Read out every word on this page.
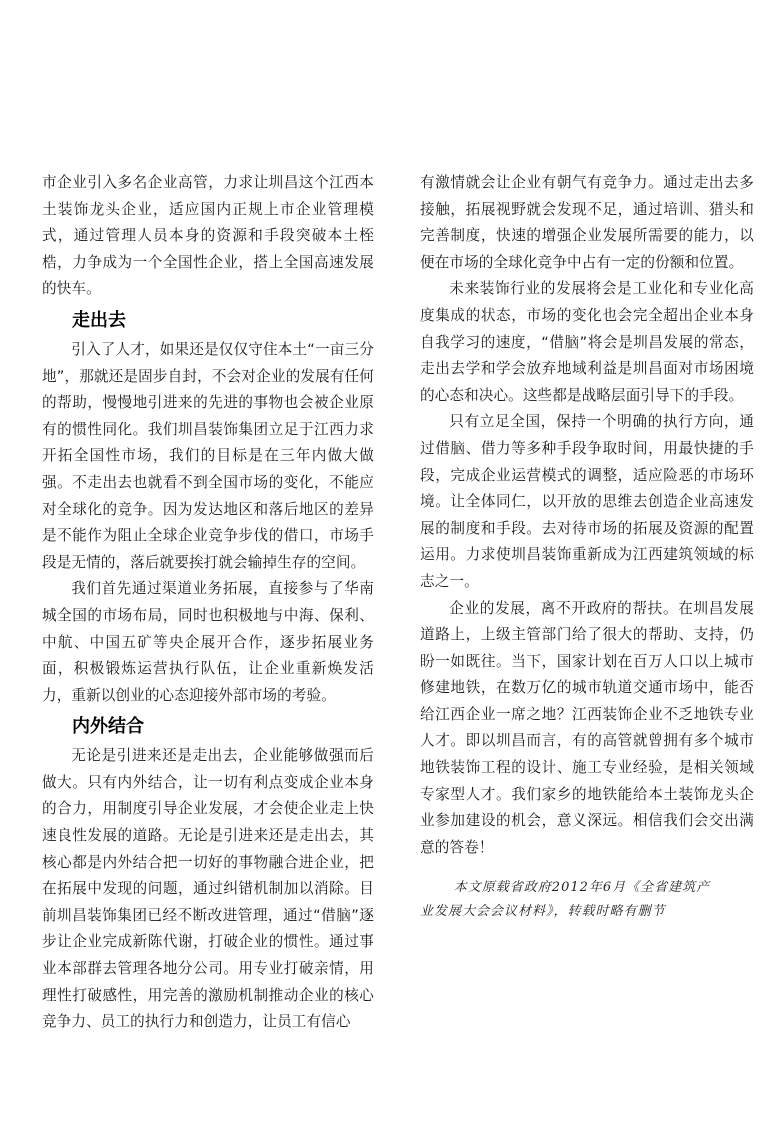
市企业引入多名企业高管，力求让圳昌这个江西本土装饰龙头企业，适应国内正规上市企业管理模式，通过管理人员本身的资源和手段突破本土桎梏，力争成为一个全国性企业，搭上全国高速发展的快车。

走出去

引入了人才，如果还是仅仅守住本土“一亩三分地”，那就还是固步自封，不会对企业的发展有任何的帮助，慢慢地引进来的先进的事物也会被企业原有的惯性同化。我们圳昌装饰集团立足于江西力求开拓全国性市场，我们的目标是在三年内做大做强。不走出去也就看不到全国市场的变化，不能应对全球化的竞争。因为发达地区和落后地区的差异是不能作为阻止全球企业竞争步伐的借口，市场手段是无情的，落后就要挨打就会输掉生存的空间。

我们首先通过渠道业务拓展，直接参与了华南城全国的市场布局，同时也积极地与中海、保利、中航、中国五矿等央企展开合作，逐步拓展业务面，积极锻炼运营执行队伍，让企业重新焕发活力，重新以创业的心态迎接外部市场的考验。

内外结合

无论是引进来还是走出去，企业能够做强而后做大。只有内外结合，让一切有利点变成企业本身的合力，用制度引导企业发展，才会使企业走上快速良性发展的道路。无论是引进来还是走出去，其核心都是内外结合把一切好的事物融合进企业，把在拓展中发现的问题，通过纠错机制加以消除。目前圳昌装饰集团已经不断改进管理，通过“借脑”逐步让企业完成新陈代谢，打破企业的惯性。通过事业本部群去管理各地分公司。用专业打破亲情，用理性打破感性，用完善的激励机制推动企业的核心竞争力、员工的执行力和创造力，让员工有信心

有激情就会让企业有朝气有竞争力。通过走出去多接触，拓展视野就会发现不足，通过培训、猎头和完善制度，快速的增强企业发展所需要的能力，以便在市场的全球化竞争中占有一定的份额和位置。

未来装饰行业的发展将会是工业化和专业化高度集成的状态，市场的变化也会完全超出企业本身自我学习的速度，“借脑”将会是圳昌发展的常态，走出去学和学会放弃地域利益是圳昌面对市场困境的心态和决心。这些都是战略层面引导下的手段。

只有立足全国，保持一个明确的执行方向，通过借脑、借力等多种手段争取时间，用最快捷的手段，完成企业运营模式的调整，适应险恶的市场环境。让全体同仁，以开放的思维去创造企业高速发展的制度和手段。去对待市场的拓展及资源的配置运用。力求使圳昌装饰重新成为江西建筑领域的标志之一。

企业的发展，离不开政府的帮扶。在圳昌发展道路上，上级主管部门给了很大的帮助、支持，仍盼一如既往。当下，国家计划在百万人口以上城市修建地铁，在数万亿的城市轨道交通市场中，能否给江西企业一席之地？江西装饰企业不乏地铁专业人才。即以圳昌而言，有的高管就曾拥有多个城市地铁装饰工程的设计、施工专业经验，是相关领域专家型人才。我们家乡的地铁能给本土装饰龙头企业参加建设的机会，意义深远。相信我们会交出满意的答卷！

本文原载省政府2012年6月《全省建筑产业发展大会会议材料》，转载时略有删节
